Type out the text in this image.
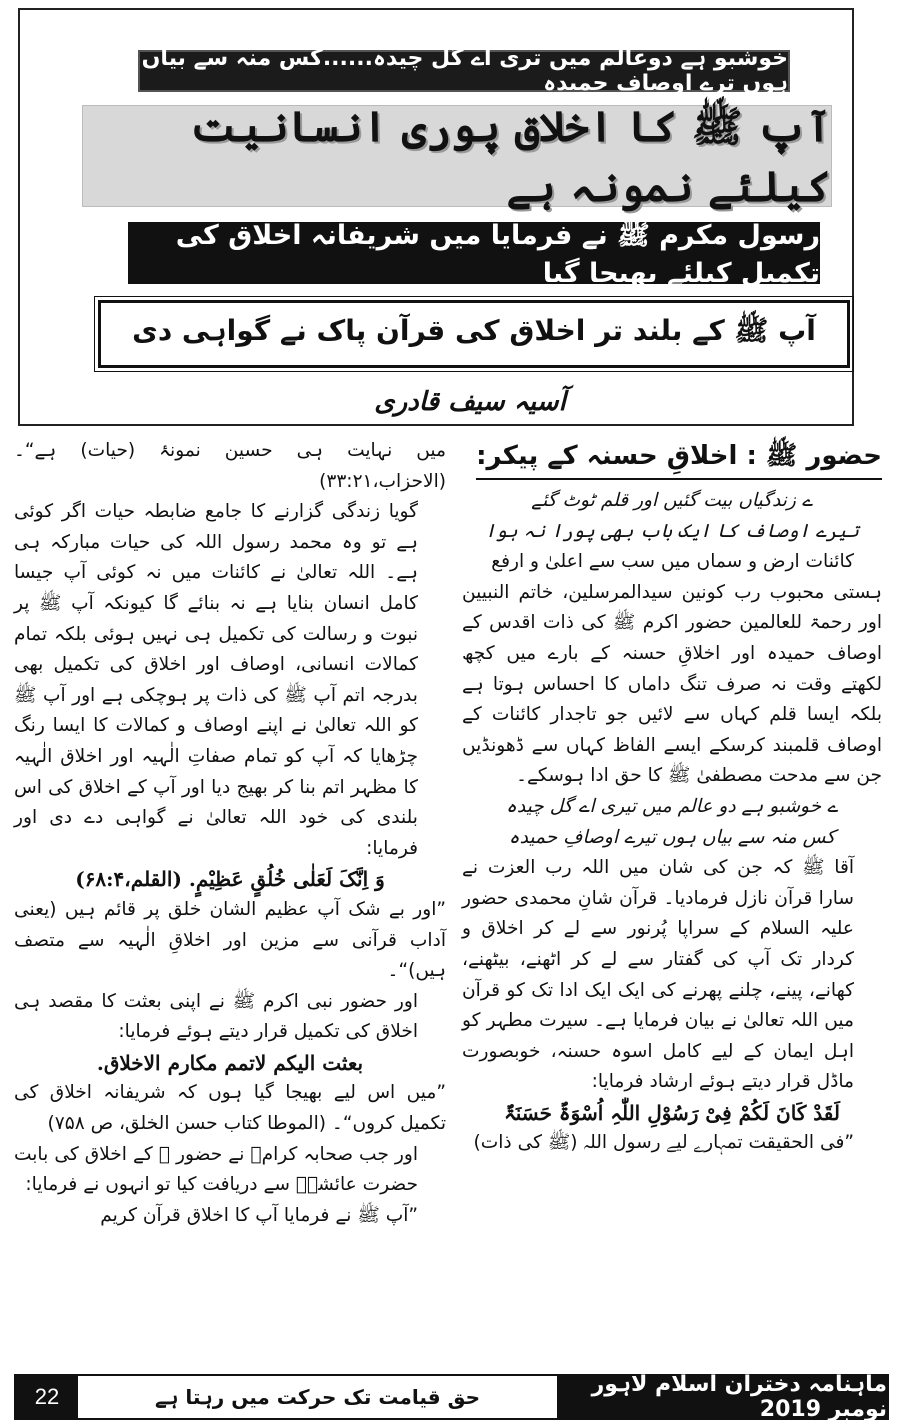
خوشبو ہے دوعالم میں تری اے گل چیدہ......کس منہ سے بیاں ہوں ترے اوصاف حمیدہ
آپ ﷺ کا اخلاق پوری انسانیت کیلئے نمونہ ہے
رسول مکرم ﷺ نے فرمایا میں شریفانہ اخلاق کی تکمیل کیلئے بھیجا گیا
آپ ﷺ کے بلند تر اخلاق کی قرآن پاک نے گواہی دی
آسیہ سیف قادری

حضور ﷺ : اخلاقِ حسنہ کے پیکر:

ے زندگیاں بیت گئیں اور قلم ٹوٹ گئے

تیرے اوصاف کا ایک باب بھی پورا نہ ہوا

کائنات ارض و سماں میں سب سے اعلیٰ و ارفع

ہستی محبوب رب کونین سیدالمرسلین، خاتم النبیین اور رحمۃ للعالمین حضور اکرم ﷺ کی ذات اقدس کے اوصاف حمیدہ اور اخلاقِ حسنہ کے بارے میں کچھ لکھتے وقت نہ صرف تنگ داماں کا احساس ہوتا ہے بلکہ ایسا قلم کہاں سے لائیں جو تاجدار کائنات کے اوصاف قلمبند کرسکے ایسے الفاظ کہاں سے ڈھونڈیں جن سے مدحت مصطفیٰ ﷺ کا حق ادا ہوسکے۔

ے خوشبو ہے دو عالم میں تیری اے گل چیدہ

کس منہ سے بیاں ہوں تیرے اوصافِ حمیدہ

آقا ﷺ کہ جن کی شان میں اللہ رب العزت نے سارا قرآن نازل فرمادیا۔ قرآن شانِ محمدی حضور علیہ السلام کے سراپا پُرنور سے لے کر اخلاق و کردار تک آپ کی گفتار سے لے کر اٹھنے، بیٹھنے، کھانے، پینے، چلنے پھرنے کی ایک ایک ادا تک کو قرآن میں اللہ تعالیٰ نے بیان فرمایا ہے۔ سیرت مطہر کو اہل ایمان کے لیے کامل اسوہ حسنہ، خوبصورت ماڈل قرار دیتے ہوئے ارشاد فرمایا:

لَقَدْ کَانَ لَکُمْ فِیْ رَسُوْلِ اللّٰہِ اُسْوَۃٌ حَسَنَۃٌ

”فی الحقیقت تمہارے لیے رسول اللہ (ﷺ کی ذات)

میں نہایت ہی حسین نمونۂ (حیات) ہے“۔ (الاحزاب،۳۳:۲۱)

گویا زندگی گزارنے کا جامع ضابطہ حیات اگر کوئی ہے تو وہ محمد رسول اللہ کی حیات مبارکہ ہی ہے۔ اللہ تعالیٰ نے کائنات میں نہ کوئی آپ جیسا کامل انسان بنایا ہے نہ بنائے گا کیونکہ آپ ﷺ پر نبوت و رسالت کی تکمیل ہی نہیں ہوئی بلکہ تمام کمالات انسانی، اوصاف اور اخلاق کی تکمیل بھی بدرجہ اتم آپ ﷺ کی ذات پر ہوچکی ہے اور آپ ﷺ کو اللہ تعالیٰ نے اپنے اوصاف و کمالات کا ایسا رنگ چڑھایا کہ آپ کو تمام صفاتِ الٰہیہ اور اخلاق الٰہیہ کا مظہر اتم بنا کر بھیج دیا اور آپ کے اخلاق کی اس بلندی کی خود اللہ تعالیٰ نے گواہی دے دی اور فرمایا:

وَ اِنَّکَ لَعَلٰی خُلُقٍ عَظِیْمٍ. (القلم،۶۸:۴)

”اور بے شک آپ عظیم الشان خلق پر قائم ہیں (یعنی آداب قرآنی سے مزین اور اخلاقِ الٰہیہ سے متصف ہیں)“۔

اور حضور نبی اکرم ﷺ نے اپنی بعثت کا مقصد ہی اخلاق کی تکمیل قرار دیتے ہوئے فرمایا:

بعثت الیکم لاتمم مکارم الاخلاق.

”میں اس لیے بھیجا گیا ہوں کہ شریفانہ اخلاق کی تکمیل کروں“۔ (الموطا کتاب حسن الخلق، ص ۷۵۸)

اور جب صحابہ کرامؓ نے حضور ﷺ کے اخلاق کی بابت حضرت عائشہؓ سے دریافت کیا تو انہوں نے فرمایا:

”آپ ﷺ نے فرمایا آپ کا اخلاق قرآن کریم

ماہنامہ دختران اسلام لاہور نومبر 2019
حق قیامت تک حرکت میں رہتا ہے
22
